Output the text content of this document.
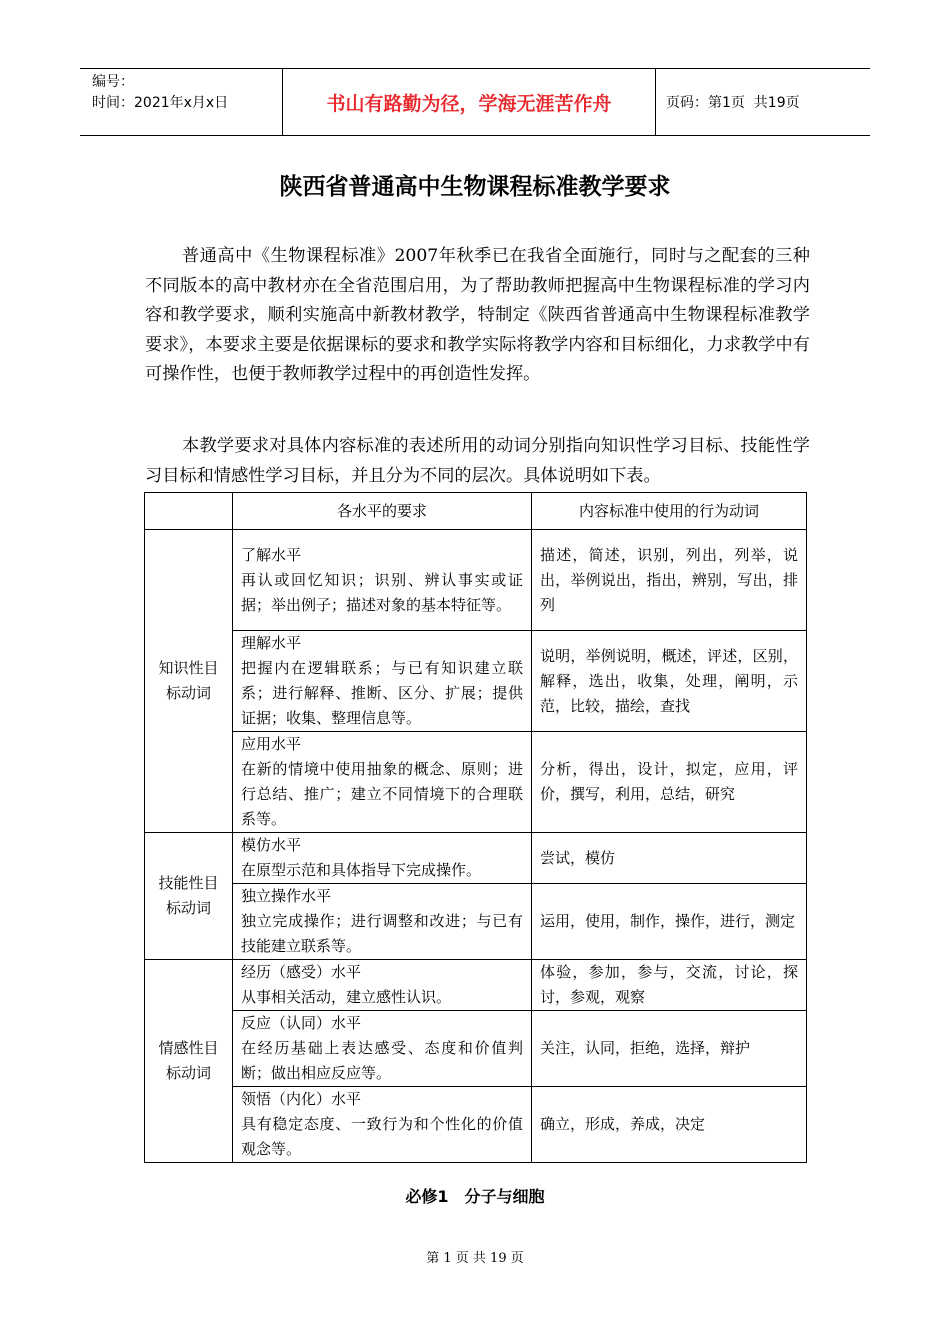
编号：
时间：2021年x月x日	书山有路勤为径，学海无涯苦作舟	页码：第1页  共19页
陕西省普通高中生物课程标准教学要求

普通高中《生物课程标准》2007年秋季已在我省全面施行，同时与之配套的三种不同版本的高中教材亦在全省范围启用，为了帮助教师把握高中生物课程标准的学习内容和教学要求，顺利实施高中新教材教学，特制定《陕西省普通高中生物课程标准教学要求》，本要求主要是依据课标的要求和教学实际将教学内容和目标细化，力求教学中有可操作性，也便于教师教学过程中的再创造性发挥。

本教学要求对具体内容标准的表述所用的动词分别指向知识性学习目标、技能性学习目标和情感性学习目标，并且分为不同的层次。具体说明如下表。

	各水平的要求	内容标准中使用的行为动词
知识性目标动词	了解水平
再认或回忆知识；识别、辨认事实或证据；举出例子；描述对象的基本特征等。	描述，简述，识别，列出，列举，说出，举例说出，指出，辨别，写出，排列

	理解水平
把握内在逻辑联系；与已有知识建立联系；进行解释、推断、区分、扩展；提供证据；收集、整理信息等。	说明，举例说明，概述，评述，区别，解释，选出，收集，处理，阐明，示范，比较，描绘，查找

	应用水平
在新的情境中使用抽象的概念、原则；进行总结、推广；建立不同情境下的合理联系等。	分析，得出，设计，拟定，应用，评价，撰写，利用，总结，研究
技能性目标动词	模仿水平
在原型示范和具体指导下完成操作。	尝试，模仿

	独立操作水平
独立完成操作；进行调整和改进；与已有技能建立联系等。	运用，使用，制作，操作，进行，测定
情感性目标动词	经历（感受）水平
从事相关活动，建立感性认识。	体验，参加，参与，交流，讨论，探讨，参观，观察

	反应（认同）水平
在经历基础上表达感受、态度和价值判断；做出相应反应等。	关注，认同，拒绝，选择，辩护

	领悟（内化）水平
具有稳定态度、一致行为和个性化的价值观念等。	确立，形成，养成，决定
必修1　分子与细胞
第 1 页 共 19 页
